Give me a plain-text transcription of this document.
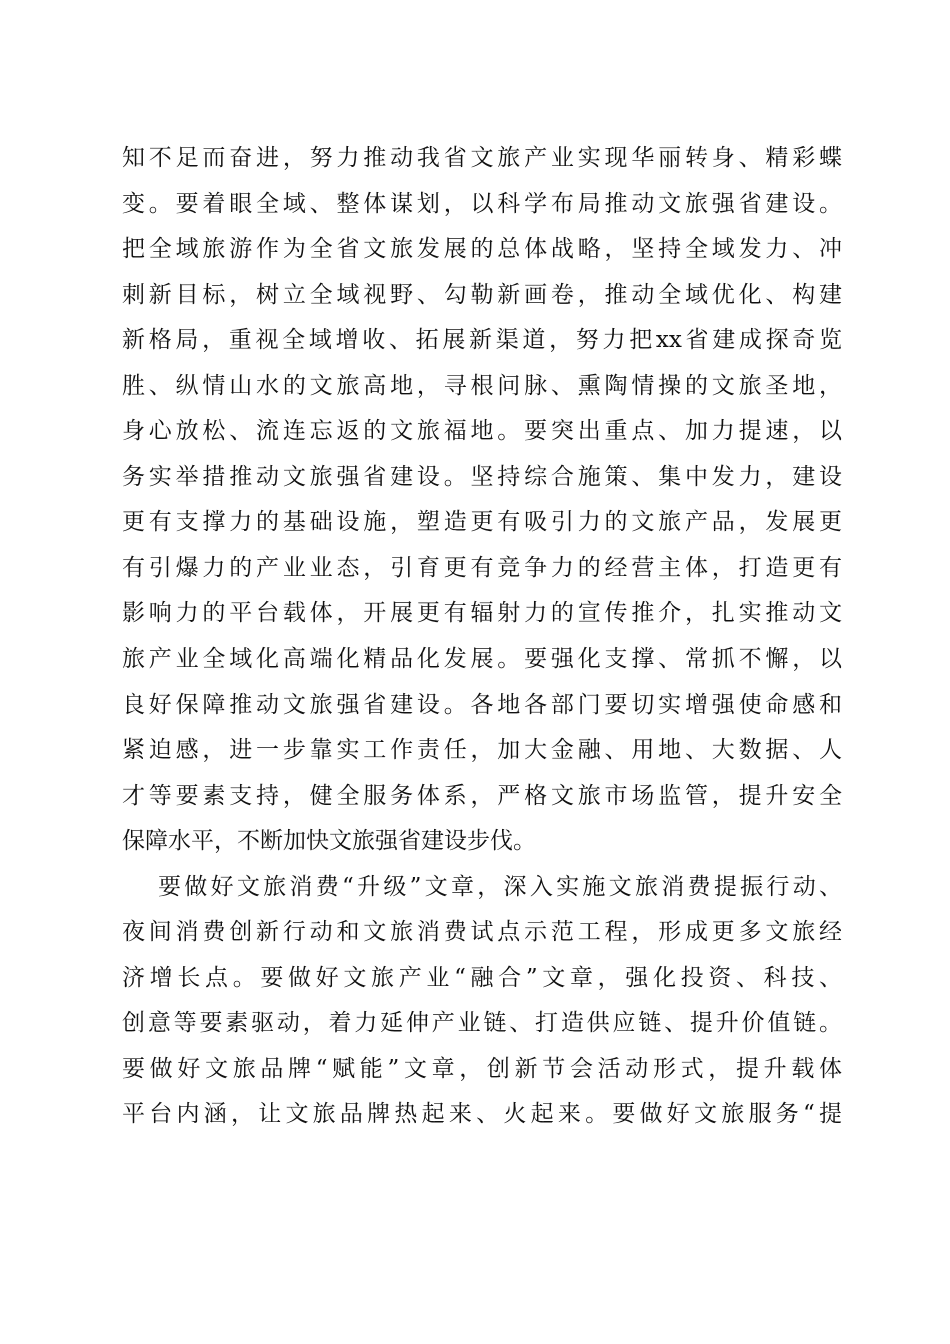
知不足而奋进，努力推动我省文旅产业实现华丽转身、精彩蝶
变。要着眼全域、整体谋划，以科学布局推动文旅强省建设。
把全域旅游作为全省文旅发展的总体战略，坚持全域发力、冲
刺新目标，树立全域视野、勾勒新画卷，推动全域优化、构建
新格局，重视全域增收、拓展新渠道，努力把xx省建成探奇览
胜、纵情山水的文旅高地，寻根问脉、熏陶情操的文旅圣地，
身心放松、流连忘返的文旅福地。要突出重点、加力提速，以
务实举措推动文旅强省建设。坚持综合施策、集中发力，建设
更有支撑力的基础设施，塑造更有吸引力的文旅产品，发展更
有引爆力的产业业态，引育更有竞争力的经营主体，打造更有
影响力的平台载体，开展更有辐射力的宣传推介，扎实推动文
旅产业全域化高端化精品化发展。要强化支撑、常抓不懈，以
良好保障推动文旅强省建设。各地各部门要切实增强使命感和
紧迫感，进一步靠实工作责任，加大金融、用地、大数据、人
才等要素支持，健全服务体系，严格文旅市场监管，提升安全
保障水平，不断加快文旅强省建设步伐。
要做好文旅消费“升级”文章，深入实施文旅消费提振行动、
夜间消费创新行动和文旅消费试点示范工程，形成更多文旅经
济增长点。要做好文旅产业“融合”文章，强化投资、科技、
创意等要素驱动，着力延伸产业链、打造供应链、提升价值链。
要做好文旅品牌“赋能”文章，创新节会活动形式，提升载体
平台内涵，让文旅品牌热起来、火起来。要做好文旅服务“提
